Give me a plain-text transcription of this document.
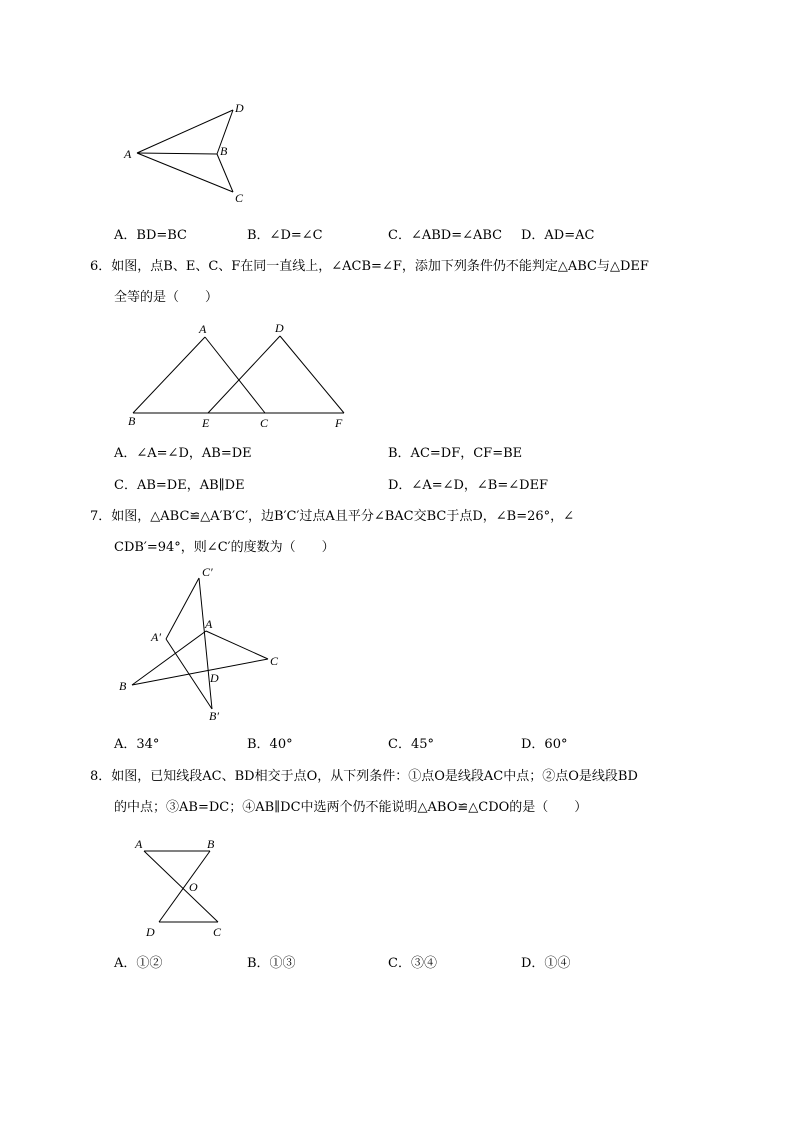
D
A	B
C
A．BD=BC	B．∠D=∠C	C．∠ABD=∠ABC D．AD=AC
6．如图，点B、E、C、F在同一直线上，∠ACB=∠F，添加下列条件仍不能判定△ABC与△DEF
全等的是（　　）
A	D
B	E	C	F
A．∠A=∠D，AB=DE	B．AC=DF，CF=BE
C．AB=DE，AB∥DE	D．∠A=∠D，∠B=∠DEF
7．如图，△ABC≌△A′B′C′，边B′C′过点A且平分∠BAC交BC于点D，∠B=26°，∠
CDB′=94°，则∠C′的度数为（　　）
C′
A′
A
C
D
B
B′
A．34°	B．40°	C．45°	D．60°
8．如图，已知线段AC、BD相交于点O，从下列条件：①点O是线段AC中点；②点O是线段BD
的中点；③AB=DC；④AB∥DC中选两个仍不能说明△ABO≌△CDO的是（　　）
A	B
O
D	C
A．①②	B．①③	C．③④	D．①④
